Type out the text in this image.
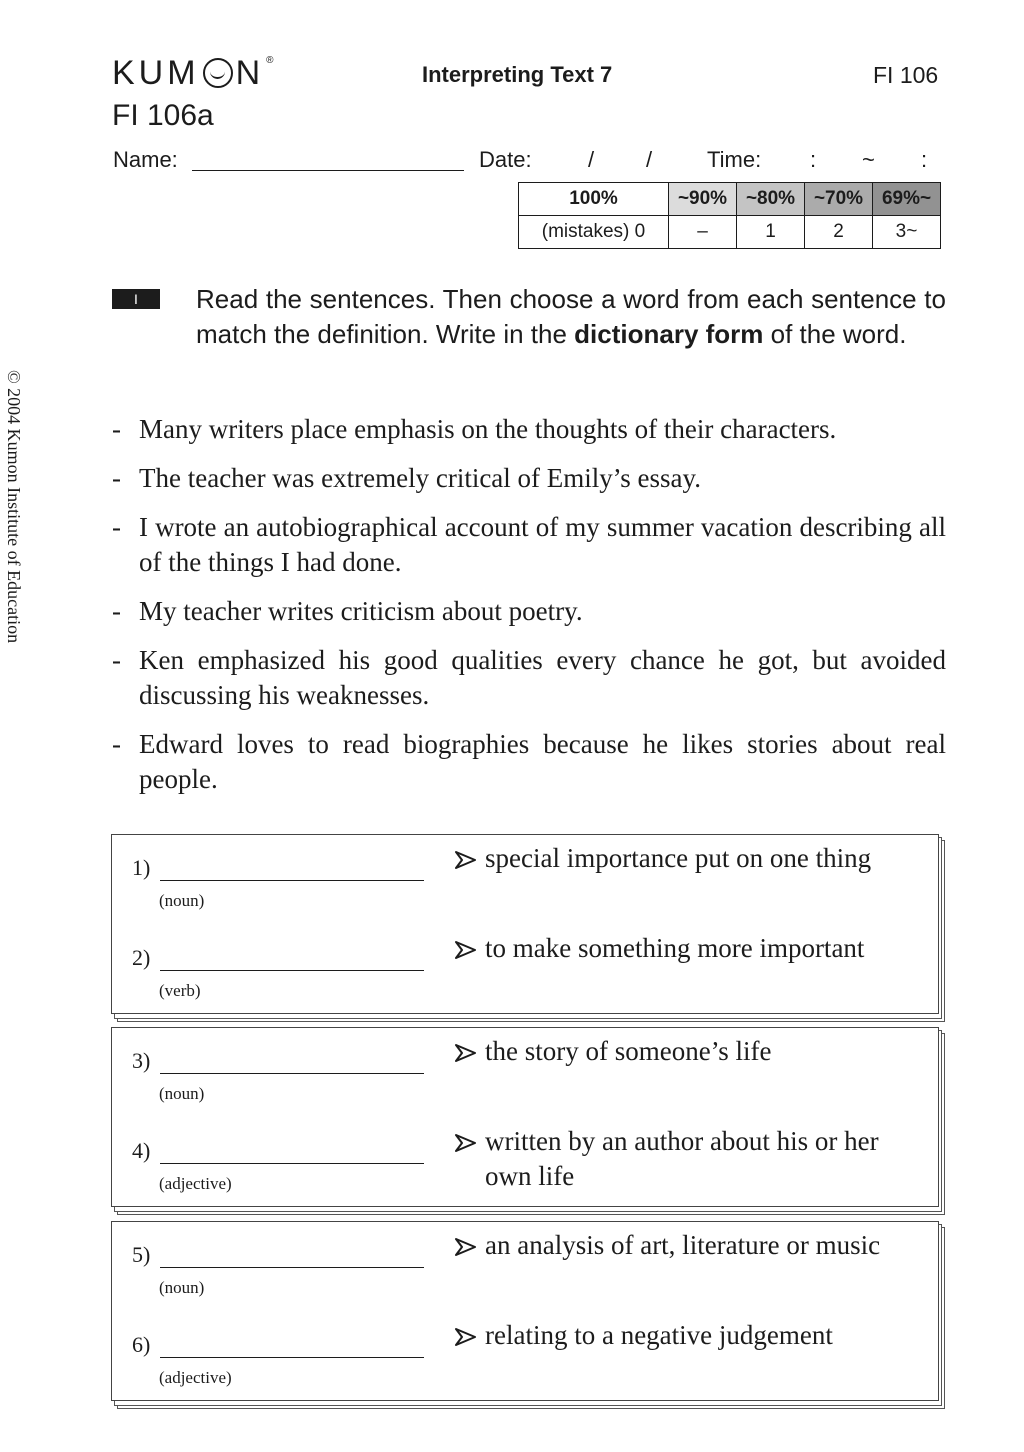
KUM N ®
FI 106a
Interpreting Text 7	FI 106
Name:	Date:	/ / Time: : ~ :
100%	~90%	~80%	~70%	69%~
(mistakes) 0	–	1	2	3~
I	Read the sentences. Then choose a word from each sentence to match the definition. Write in the dictionary form of the word.
- Many writers place emphasis on the thoughts of their characters.
- The teacher was extremely critical of Emily’s essay.
- I wrote an autobiographical account of my summer vacation describing all of the things I had done.
- My teacher writes criticism about poetry.
- Ken emphasized his good qualities every chance he got, but avoided discussing his weaknesses.
- Edward loves to read biographies because he likes stories about real people.
© 2004 Kumon Institute of Education
1)
(noun)
special importance put on one thing
2)
(verb)
to make something more important
3)
(noun)
the story of someone’s life
4)
(adjective)
written by an author about his or her own life
5)
(noun)
an analysis of art, literature or music
6)
(adjective)
relating to a negative judgement
